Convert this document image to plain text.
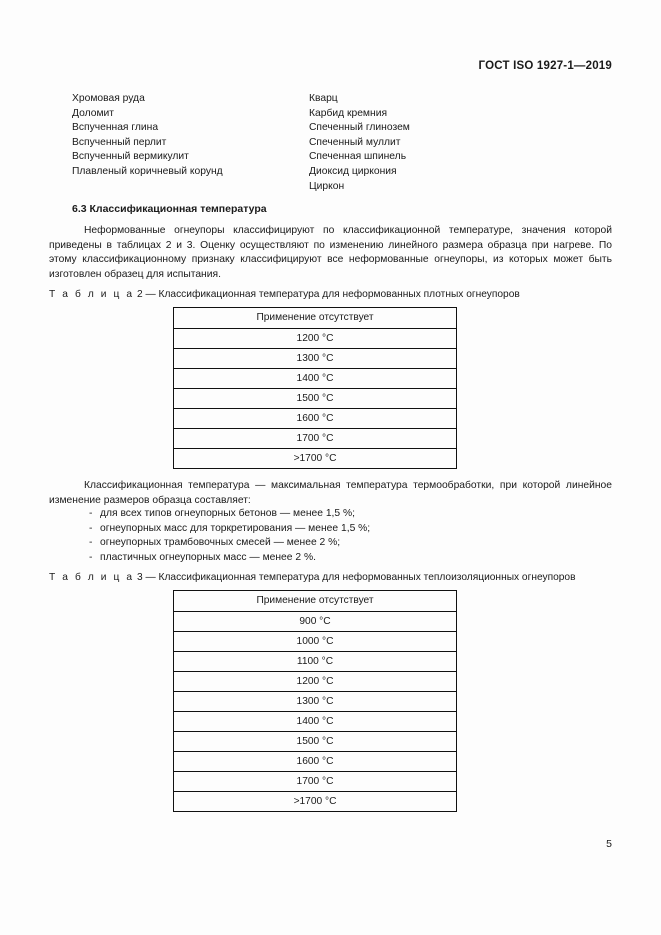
ГОСТ ISO 1927-1—2019
Хромовая руда
Доломит
Вспученная глина
Вспученный перлит
Вспученный вермикулит
Плавленый коричневый корунд
Кварц
Карбид кремния
Спеченный глинозем
Спеченный муллит
Спеченная шпинель
Диоксид циркония
Циркон
6.3 Классификационная температура
Неформованные огнеупоры классифицируют по классификационной температуре, значения которой приведены в таблицах 2 и 3. Оценку осуществляют по изменению линейного размера образца при нагреве. По этому классификационному признаку классифицируют все неформованные огнеупоры, из которых может быть изготовлен образец для испытания.
Т а б л и ц а 2 — Классификационная температура для неформованных плотных огнеупоров
Применение отсутствует
1200 °С
1300 °С
1400 °С
1500 °С
1600 °С
1700 °С
>1700 °С
Классификационная температура — максимальная температура термообработки, при которой линейное изменение размеров образца составляет:
- для всех типов огнеупорных бетонов — менее 1,5 %;
- огнеупорных масс для торкретирования — менее 1,5 %;
- огнеупорных трамбовочных смесей — менее 2 %;
- пластичных огнеупорных масс — менее 2 %.
Т а б л и ц а 3 — Классификационная температура для неформованных теплоизоляционных огнеупоров
Применение отсутствует
900 °С
1000 °С
1100 °С
1200 °С
1300 °С
1400 °С
1500 °С
1600 °С
1700 °С
>1700 °С
5
